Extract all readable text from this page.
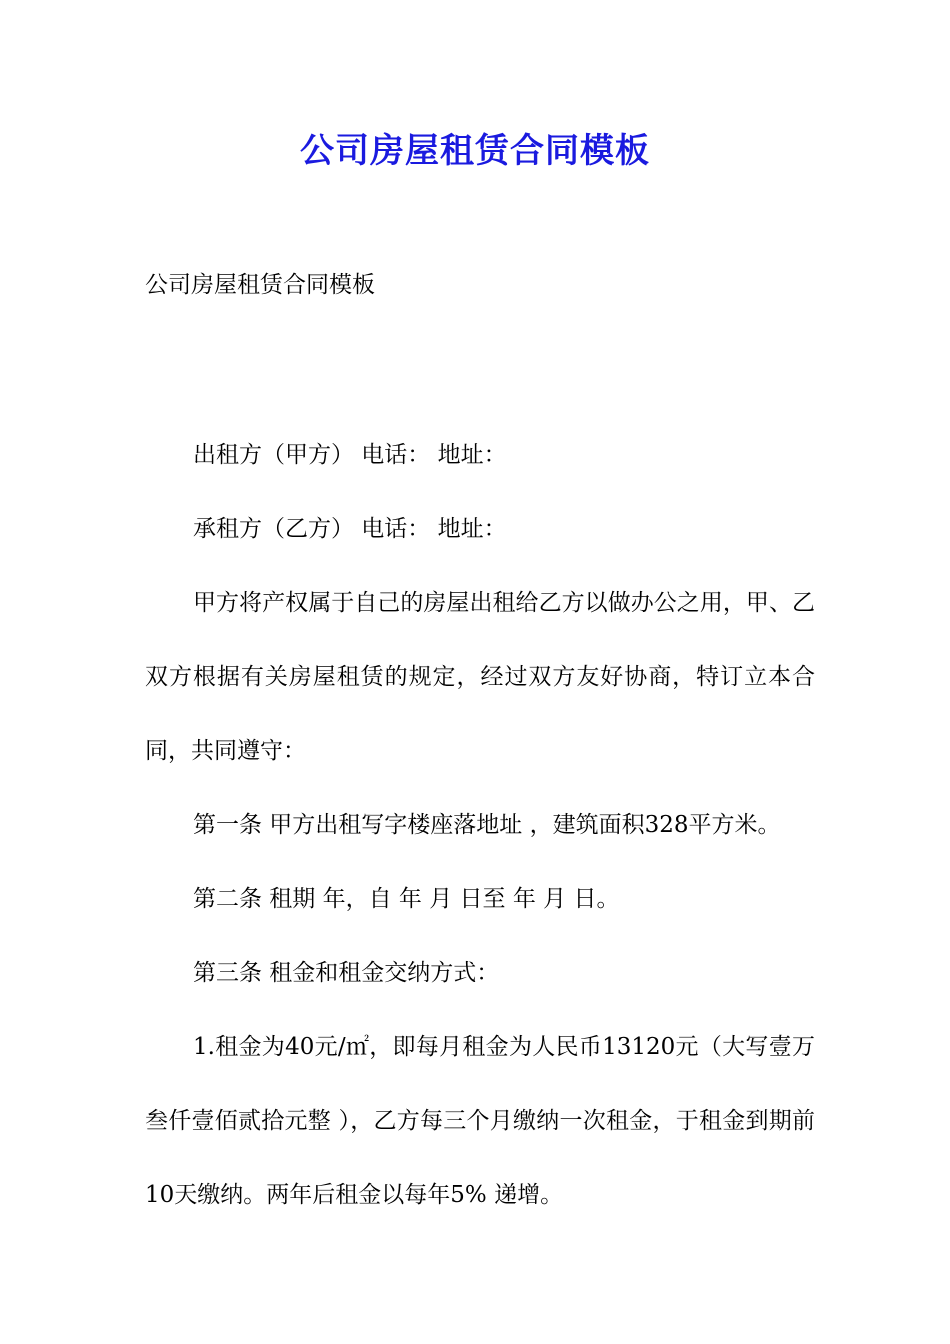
公司房屋租赁合同模板
公司房屋租赁合同模板

出租方（甲方） 电话： 地址：

承租方（乙方） 电话： 地址：

甲方将产权属于自己的房屋出租给乙方以做办公之用，甲、乙双方根据有关房屋租赁的规定，经过双方友好协商，特订立本合同，共同遵守：

第一条 甲方出租写字楼座落地址 ，建筑面积328平方米。

第二条 租期 年，自 年 月 日至 年 月 日。

第三条 租金和租金交纳方式：

1.租金为40元/㎡，即每月租金为人民币13120元（大写壹万叁仟壹佰贰拾元整 ），乙方每三个月缴纳一次租金，于租金到期前10天缴纳。两年后租金以每年5% 递增。
